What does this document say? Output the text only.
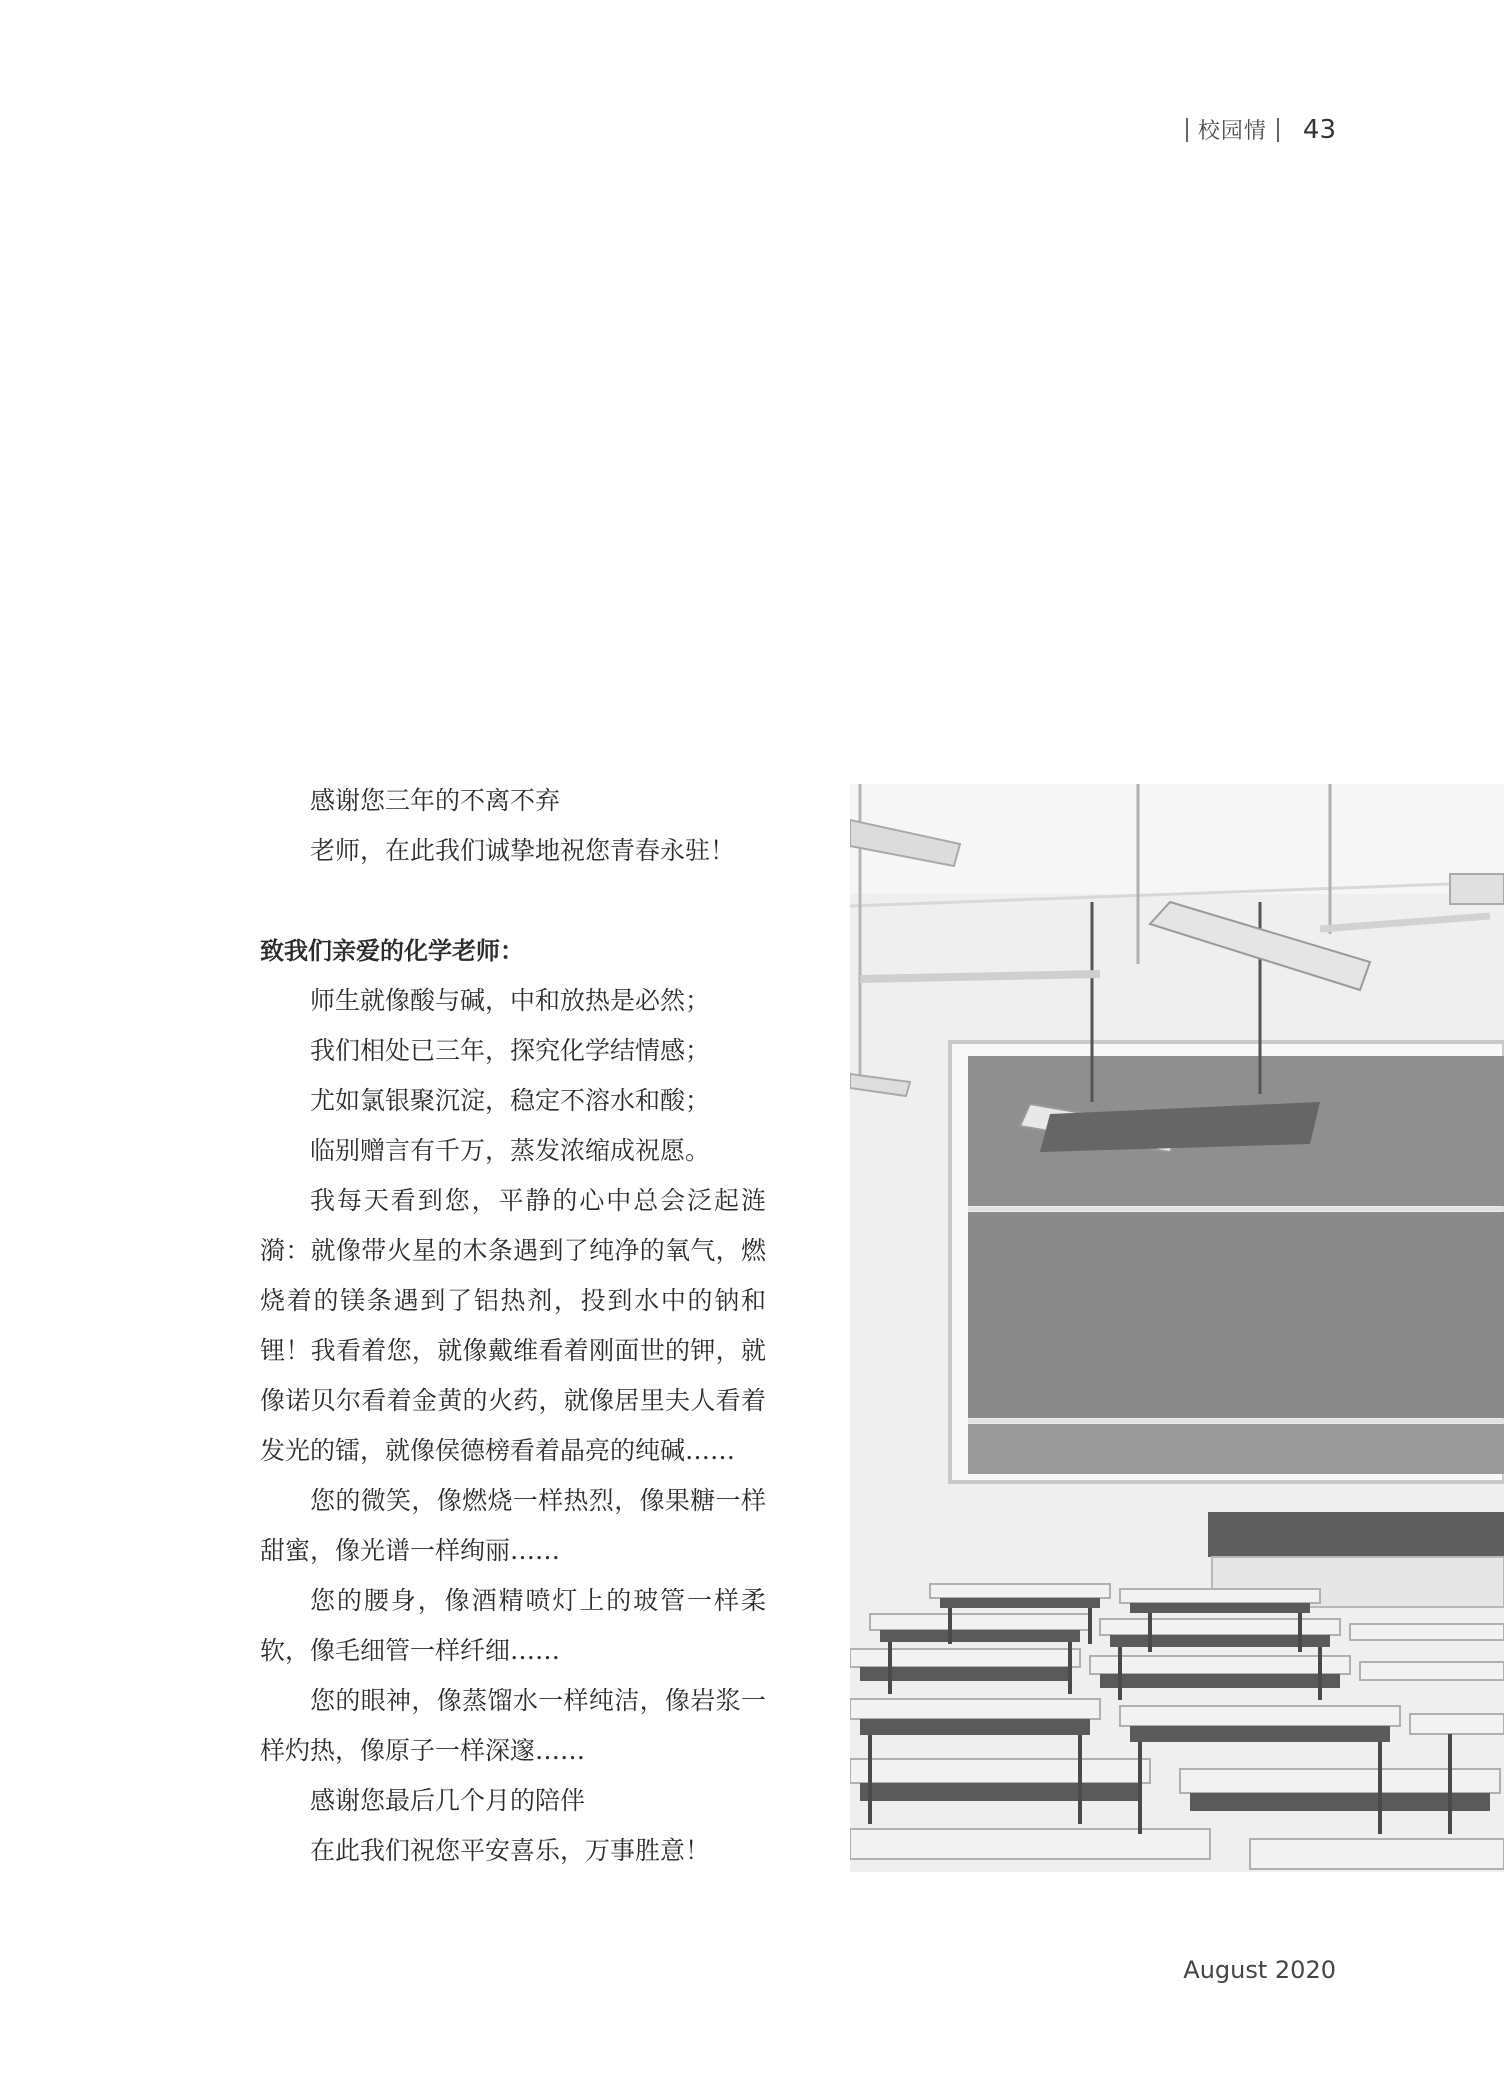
校园情 43

感谢您三年的不离不弃

老师，在此我们诚挚地祝您青春永驻！

致我们亲爱的化学老师：

师生就像酸与碱，中和放热是必然；

我们相处已三年，探究化学结情感；

尤如氯银聚沉淀，稳定不溶水和酸；

临别赠言有千万，蒸发浓缩成祝愿。

我每天看到您，平静的心中总会泛起涟漪：就像带火星的木条遇到了纯净的氧气，燃烧着的镁条遇到了铝热剂，投到水中的钠和锂！我看着您，就像戴维看着刚面世的钾，就像诺贝尔看着金黄的火药，就像居里夫人看着发光的镭，就像侯德榜看着晶亮的纯碱……

您的微笑，像燃烧一样热烈，像果糖一样甜蜜，像光谱一样绚丽……

您的腰身，像酒精喷灯上的玻管一样柔软，像毛细管一样纤细……

您的眼神，像蒸馏水一样纯洁，像岩浆一样灼热，像原子一样深邃……

感谢您最后几个月的陪伴

在此我们祝您平安喜乐，万事胜意！

August 2020
